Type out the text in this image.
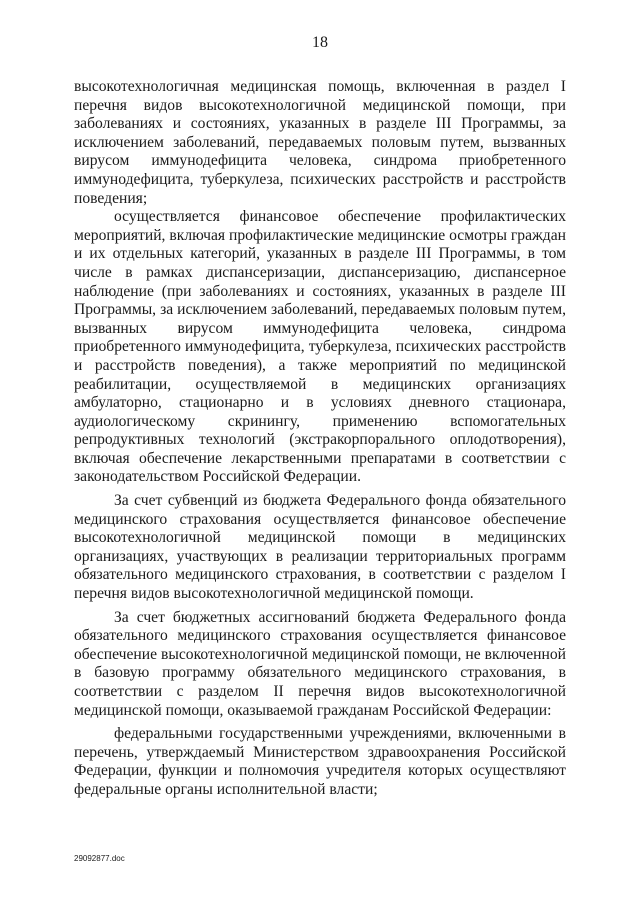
18

высокотехнологичная медицинская помощь, включенная в раздел I перечня видов высокотехнологичной медицинской помощи, при заболеваниях и состояниях, указанных в разделе III Программы, за исключением заболеваний, передаваемых половым путем, вызванных вирусом иммунодефицита человека, синдрома приобретенного иммунодефицита, туберкулеза, психических расстройств и расстройств поведения;

осуществляется финансовое обеспечение профилактических мероприятий, включая профилактические медицинские осмотры граждан и их отдельных категорий, указанных в разделе III Программы, в том числе в рамках диспансеризации, диспансеризацию, диспансерное наблюдение (при заболеваниях и состояниях, указанных в разделе III Программы, за исключением заболеваний, передаваемых половым путем, вызванных вирусом иммунодефицита человека, синдрома приобретенного иммунодефицита, туберкулеза, психических расстройств и расстройств поведения), а также мероприятий по медицинской реабилитации, осуществляемой в медицинских организациях амбулаторно, стационарно и в условиях дневного стационара, аудиологическому скринингу, применению вспомогательных репродуктивных технологий (экстракорпорального оплодотворения), включая обеспечение лекарственными препаратами в соответствии с законодательством Российской Федерации.

За счет субвенций из бюджета Федерального фонда обязательного медицинского страхования осуществляется финансовое обеспечение высокотехнологичной медицинской помощи в медицинских организациях, участвующих в реализации территориальных программ обязательного медицинского страхования, в соответствии с разделом I перечня видов высокотехнологичной медицинской помощи.

За счет бюджетных ассигнований бюджета Федерального фонда обязательного медицинского страхования осуществляется финансовое обеспечение высокотехнологичной медицинской помощи, не включенной в базовую программу обязательного медицинского страхования, в соответствии с разделом II перечня видов высокотехнологичной медицинской помощи, оказываемой гражданам Российской Федерации:

федеральными государственными учреждениями, включенными в перечень, утверждаемый Министерством здравоохранения Российской Федерации, функции и полномочия учредителя которых осуществляют федеральные органы исполнительной власти;

29092877.doc
